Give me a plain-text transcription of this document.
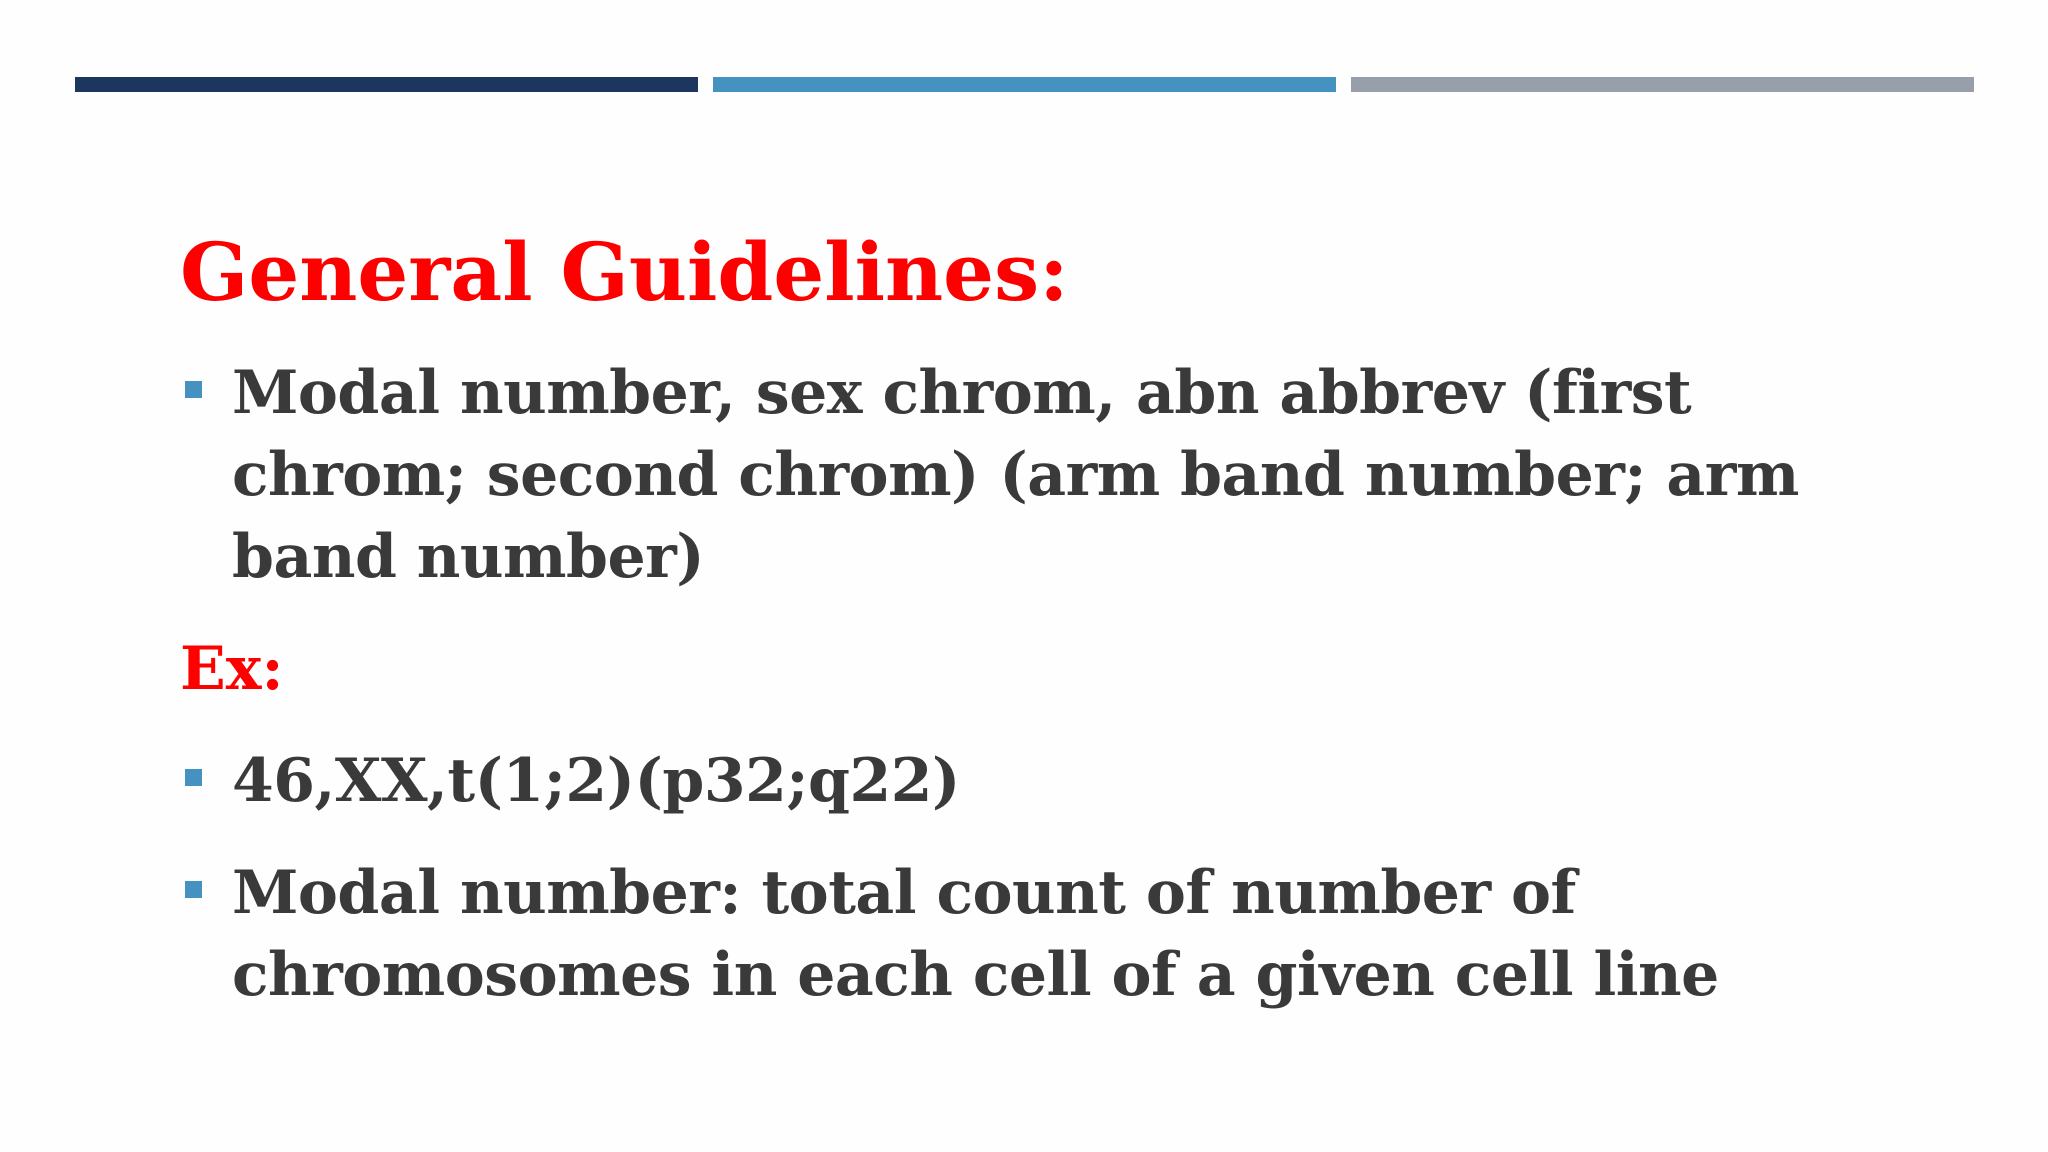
General Guidelines:
Modal number, sex chrom, abn abbrev (first
chrom; second chrom) (arm band number; arm
band number)
Ex:
46,XX,t(1;2)(p32;q22)
Modal number: total count of number of
chromosomes in each cell of a given cell line
